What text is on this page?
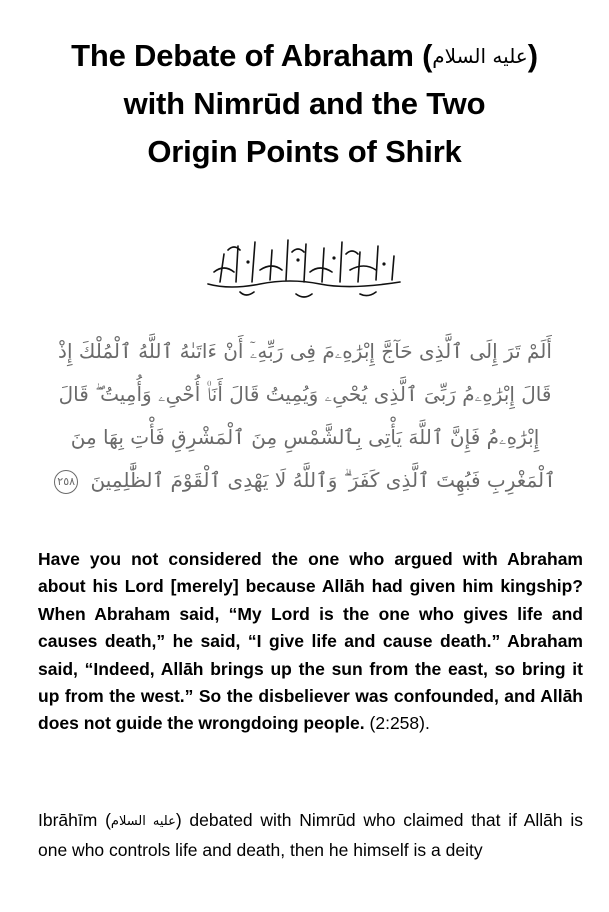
The Debate of Abraham (عليه السلام)
with Nimrūd and the Two
Origin Points of Shirk
بسم الله الرحمن الرحيم
أَلَمْ تَرَ إِلَى ٱلَّذِى حَآجَّ إِبْرَٰهِۦمَ فِى رَبِّهِۦٓ أَنْ ءَاتَىٰهُ ٱللَّهُ ٱلْمُلْكَ إِذْ قَالَ إِبْرَٰهِۦمُ رَبِّىَ ٱلَّذِى يُحْىِۦ وَيُمِيتُ قَالَ أَنَا۠ أُحْىِۦ وَأُمِيتُ ۖ قَالَ إِبْرَٰهِۦمُ فَإِنَّ ٱللَّهَ يَأْتِى بِٱلشَّمْسِ مِنَ ٱلْمَشْرِقِ فَأْتِ بِهَا مِنَ ٱلْمَغْرِبِ فَبُهِتَ ٱلَّذِى كَفَرَ ۗ وَٱللَّهُ لَا يَهْدِى ٱلْقَوْمَ ٱلظَّٰلِمِينَ ٢٥٨

Have you not considered the one who argued with Abraham about his Lord [merely] because Allāh had given him kingship? When Abraham said, “My Lord is the one who gives life and causes death,” he said, “I give life and cause death.” Abraham said, “Indeed, Allāh brings up the sun from the east, so bring it up from the west.” So the disbeliever was confounded, and Allāh does not guide the wrongdoing people. (2:258).

Ibrāhīm (عليه السلام) debated with Nimrūd who claimed that if Allāh is one who controls life and death, then he himself is a deity
